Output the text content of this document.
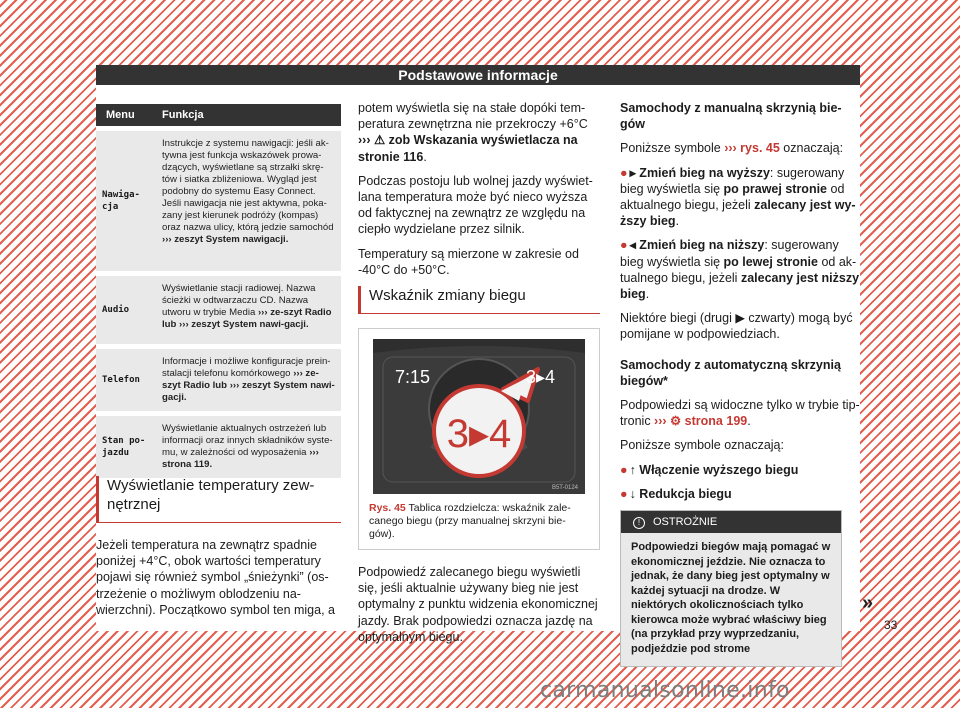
Podstawowe informacje
Menu	Funkcja
Nawiga-
cja
Instrukcje z systemu nawigacji: jeśli ak-tywna jest funkcja wskazówek prowa-dzących, wyświetlane są strzałki skrę-tów i siatka zbliżeniowa. Wygląd jest podobny do systemu Easy Connect. Jeśli nawigacja nie jest aktywna, poka-zany jest kierunek podróży (kompas) oraz nazwa ulicy, którą jedzie samochód ››› zeszyt System nawigacji.
Audio
Wyświetlanie stacji radiowej. Nazwa ścieżki w odtwarzaczu CD. Nazwa utworu w trybie Media ››› ze-szyt Radio lub ››› zeszyt System nawi-gacji.
Telefon
Informacje i możliwe konfiguracje prein-stalacji telefonu komórkowego ››› ze-szyt Radio lub ››› zeszyt System nawi-gacji.
Stan po-
jazdu
Wyświetlanie aktualnych ostrzeżeń lub informacji oraz innych składników syste-mu, w zależności od wyposażenia ››› strona 119.
Wyświetlanie temperatury zew-nętrznej

Jeżeli temperatura na zewnątrz spadnie poniżej +4°C, obok wartości temperatury pojawi się również symbol „śnieżynki” (os-trzeżenie o możliwym oblodzeniu na-wierzchni). Początkowo symbol ten miga, a

potem wyświetla się na stałe dopóki tem-peratura zewnętrzna nie przekroczy +6°C ››› ⚠ zob Wskazania wyświetlacza na stronie 116.

Podczas postoju lub wolnej jazdy wyświet-lana temperatura może być nieco wyższa od faktycznej na zewnątrz ze względu na ciepło wydzielane przez silnik.

Temperatury są mierzone w zakresie od -40°C do +50°C.

Wskaźnik zmiany biegu
7:15	3▸4
3▸4
B5T-0124
Rys. 45 Tablica rozdzielcza: wskaźnik zale-canego biegu (przy manualnej skrzyni bie-gów).

Podpowiedź zalecanego biegu wyświetli się, jeśli aktualnie używany bieg nie jest optymalny z punktu widzenia ekonomicznej jazdy. Brak podpowiedzi oznacza jazdę na optymalnym biegu.

Samochody z manualną skrzynią bie-gów

Poniższe symbole ››› rys. 45 oznaczają:

● ▸ Zmień bieg na wyższy: sugerowany bieg wyświetla się po prawej stronie od aktualnego biegu, jeżeli zalecany jest wy-ższy bieg.

● ◂ Zmień bieg na niższy: sugerowany bieg wyświetla się po lewej stronie od ak-tualnego biegu, jeżeli zalecany jest niższy bieg.

Niektóre biegi (drugi ▶ czwarty) mogą być pomijane w podpowiedziach.

Samochody z automatyczną skrzynią biegów*

Podpowiedzi są widoczne tylko w trybie tip-tronic ››› ⚙ strona 199.

Poniższe symbole oznaczają:

● ↑ Włączenie wyższego biegu

● ↓ Redukcja biegu

! OSTROŻNIE
Podpowiedzi biegów mają pomagać w ekonomicznej jeździe. Nie oznacza to jednak, że dany bieg jest optymalny w każdej sytuacji na drodze. W niektórych okolicznościach tylko kierowca może wybrać właściwy bieg (na przykład przy wyprzedzaniu, podjeździe pod strome
»
33
carmanualsonline.info
